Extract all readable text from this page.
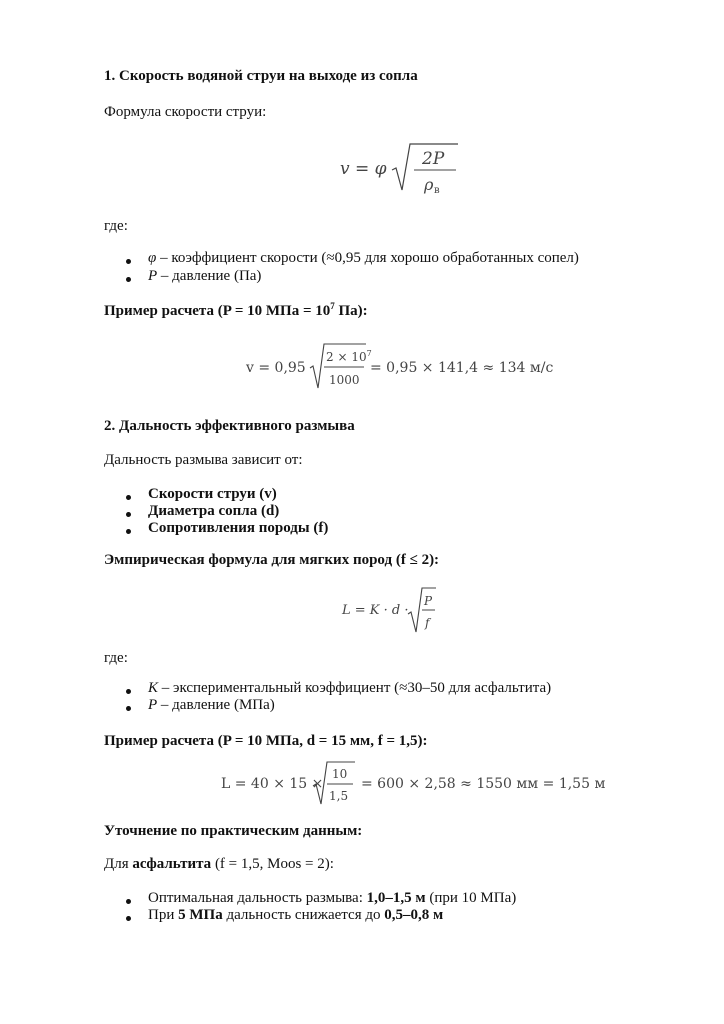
1. Скорость водяной струи на выходе из сопла
Формула скорости струи:
v = φ 2P
ρ в
где:
φ – коэффициент скорости (≈0,95 для хорошо обработанных сопел)
P – давление (Па)
Пример расчета (P = 10 МПа = $10^7$ Па):
v = 0,95
$2 \times 10^7$
1000
= 0,95 × 141,4 ≈ 134 м/с
2. Дальность эффективного размыва
Дальность размыва зависит от:
Скорости струи (v)
Диаметра сопла (d)
Сопротивления породы (f)
Эмпирическая формула для мягких пород (f ≤ 2):
L = K · d ·
P
f
где:
K – экспериментальный коэффициент (≈30–50 для асфальтита)
P – давление (МПа)
Пример расчета (P = 10 МПа, d = 15 мм, f = 1,5):
L = 40 × 15 ×
10
1,5
= 600 × 2,58 ≈ 1550 мм = 1,55 м
Уточнение по практическим данным:
Для асфальтита (f = 1,5, Moos = 2):
Оптимальная дальность размыва: 1,0–1,5 м (при 10 МПа)
При 5 МПа дальность снижается до 0,5–0,8 м
